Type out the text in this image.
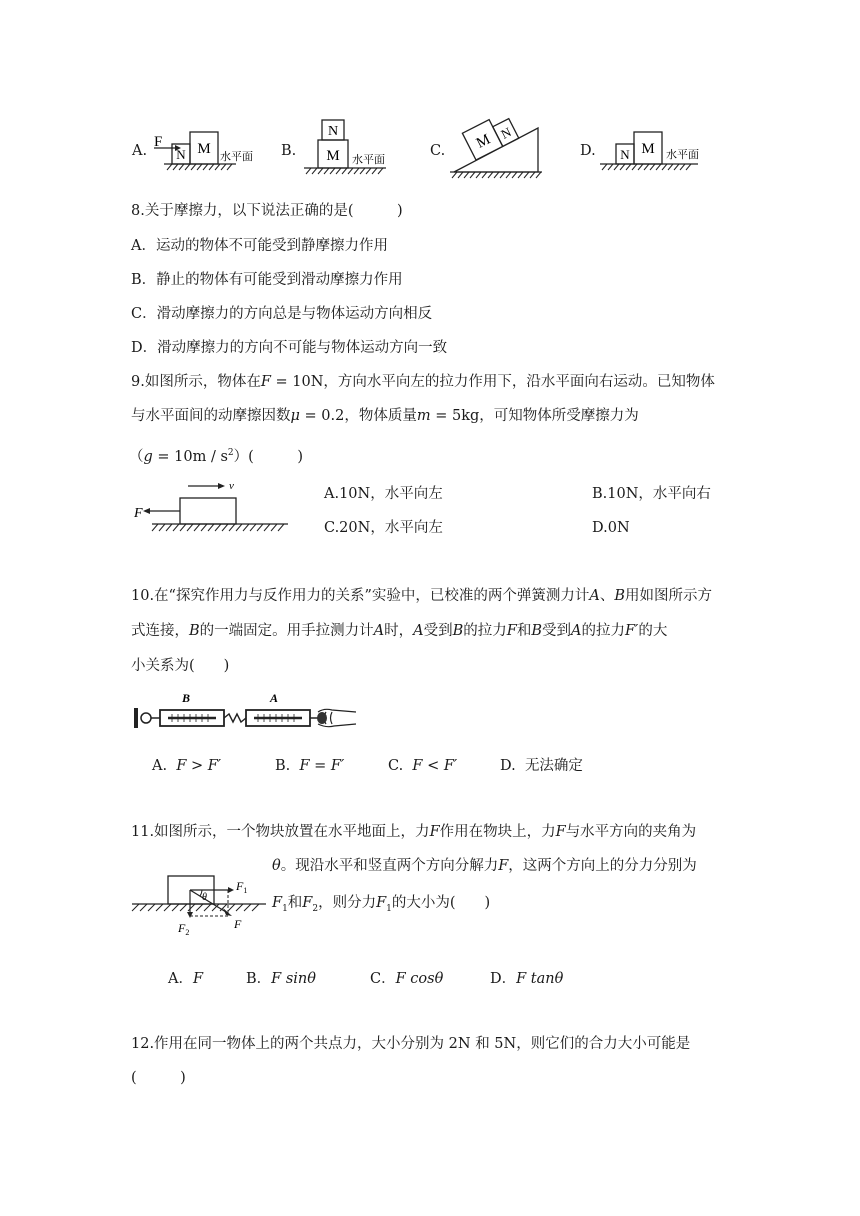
A.
F
N M 水平面 B.
N
M 水平面
C. M N
D. N M 水平面
8.关于摩擦力，以下说法正确的是(　　　)
A．运动的物体不可能受到静摩擦力作用
B．静止的物体有可能受到滑动摩擦力作用
C．滑动摩擦力的方向总是与物体运动方向相反
D．滑动摩擦力的方向不可能与物体运动方向一致
9.如图所示，物体在F = 10N，方向水平向左的拉力作用下，沿水平面向右运动。已知物体
与水平面间的动摩擦因数μ = 0.2，物体质量m = 5kg，可知物体所受摩擦力为
$(g = 10m / s^2)$(　　　)
v
F
A.10N，水平向左	B.10N，水平向右
C.20N，水平向左	D.0N
10.在“探究作用力与反作用力的关系”实验中，已校准的两个弹簧测力计A、B用如图所示方
式连接，B的一端固定。用手拉测力计A时，A受到B的拉力F和B受到A的拉力F′的大
小关系为(　　)
B	A
A. F > F′	B. F = F′	C. F < F′	D. 无法确定
11.如图所示，一个物块放置在水平地面上，力F作用在物块上，力F与水平方向的夹角为
θ。现沿水平和竖直两个方向分解力F，这两个方向上的分力分别为
$F_1$和$F_2$，则分力$F_1$的大小为(　　)
$F_1$
$F_2$
F
θ
A．F	B．F sinθ	C．F cosθ	D．F tanθ
12.作用在同一物体上的两个共点力，大小分别为 2N 和 5N，则它们的合力大小可能是
(　　　)
